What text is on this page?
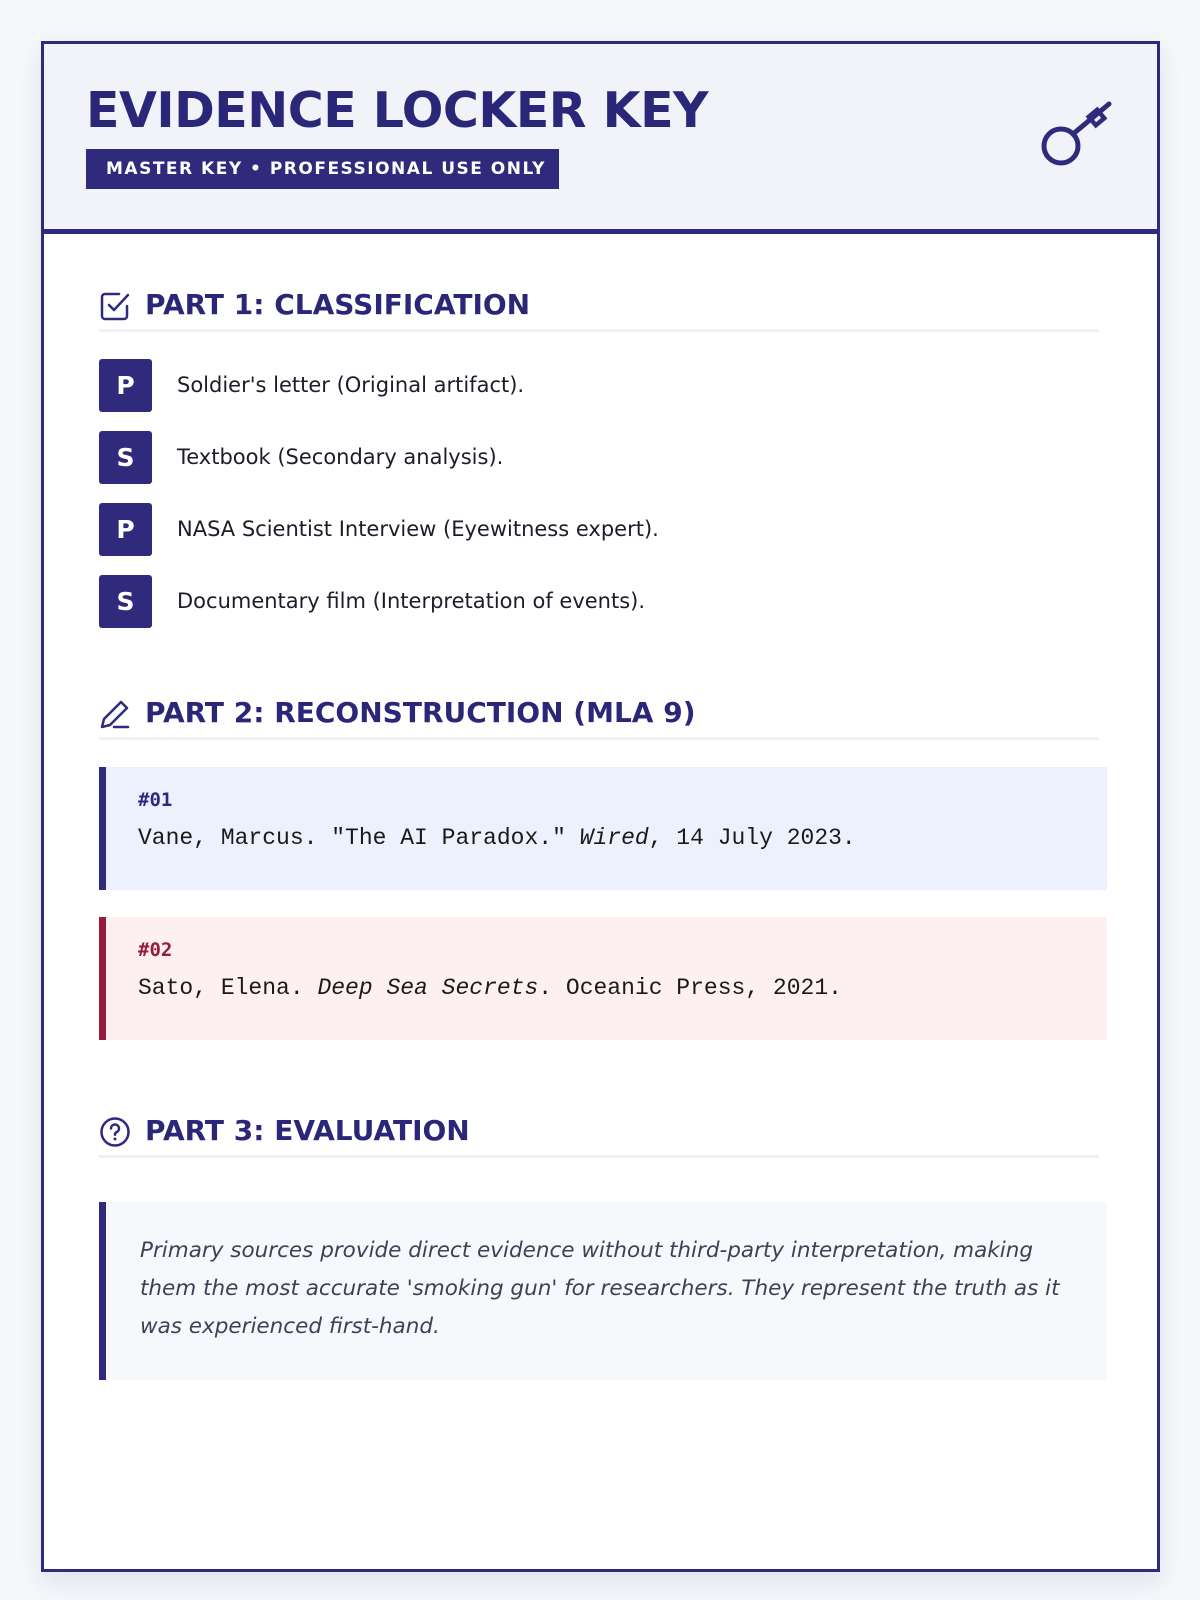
EVIDENCE LOCKER KEY
MASTER KEY • PROFESSIONAL USE ONLY
PART 1: CLASSIFICATION
P	Soldier's letter (Original artifact).
S	Textbook (Secondary analysis).
P	NASA Scientist Interview (Eyewitness expert).
S	Documentary film (Interpretation of events).
PART 2: RECONSTRUCTION (MLA 9)
#01
Vane, Marcus. "The AI Paradox." Wired, 14 July 2023.
#02
Sato, Elena. Deep Sea Secrets. Oceanic Press, 2021.
PART 3: EVALUATION

Primary sources provide direct evidence without third-party interpretation, making them the most accurate 'smoking gun' for researchers. They represent the truth as it was experienced first-hand.
